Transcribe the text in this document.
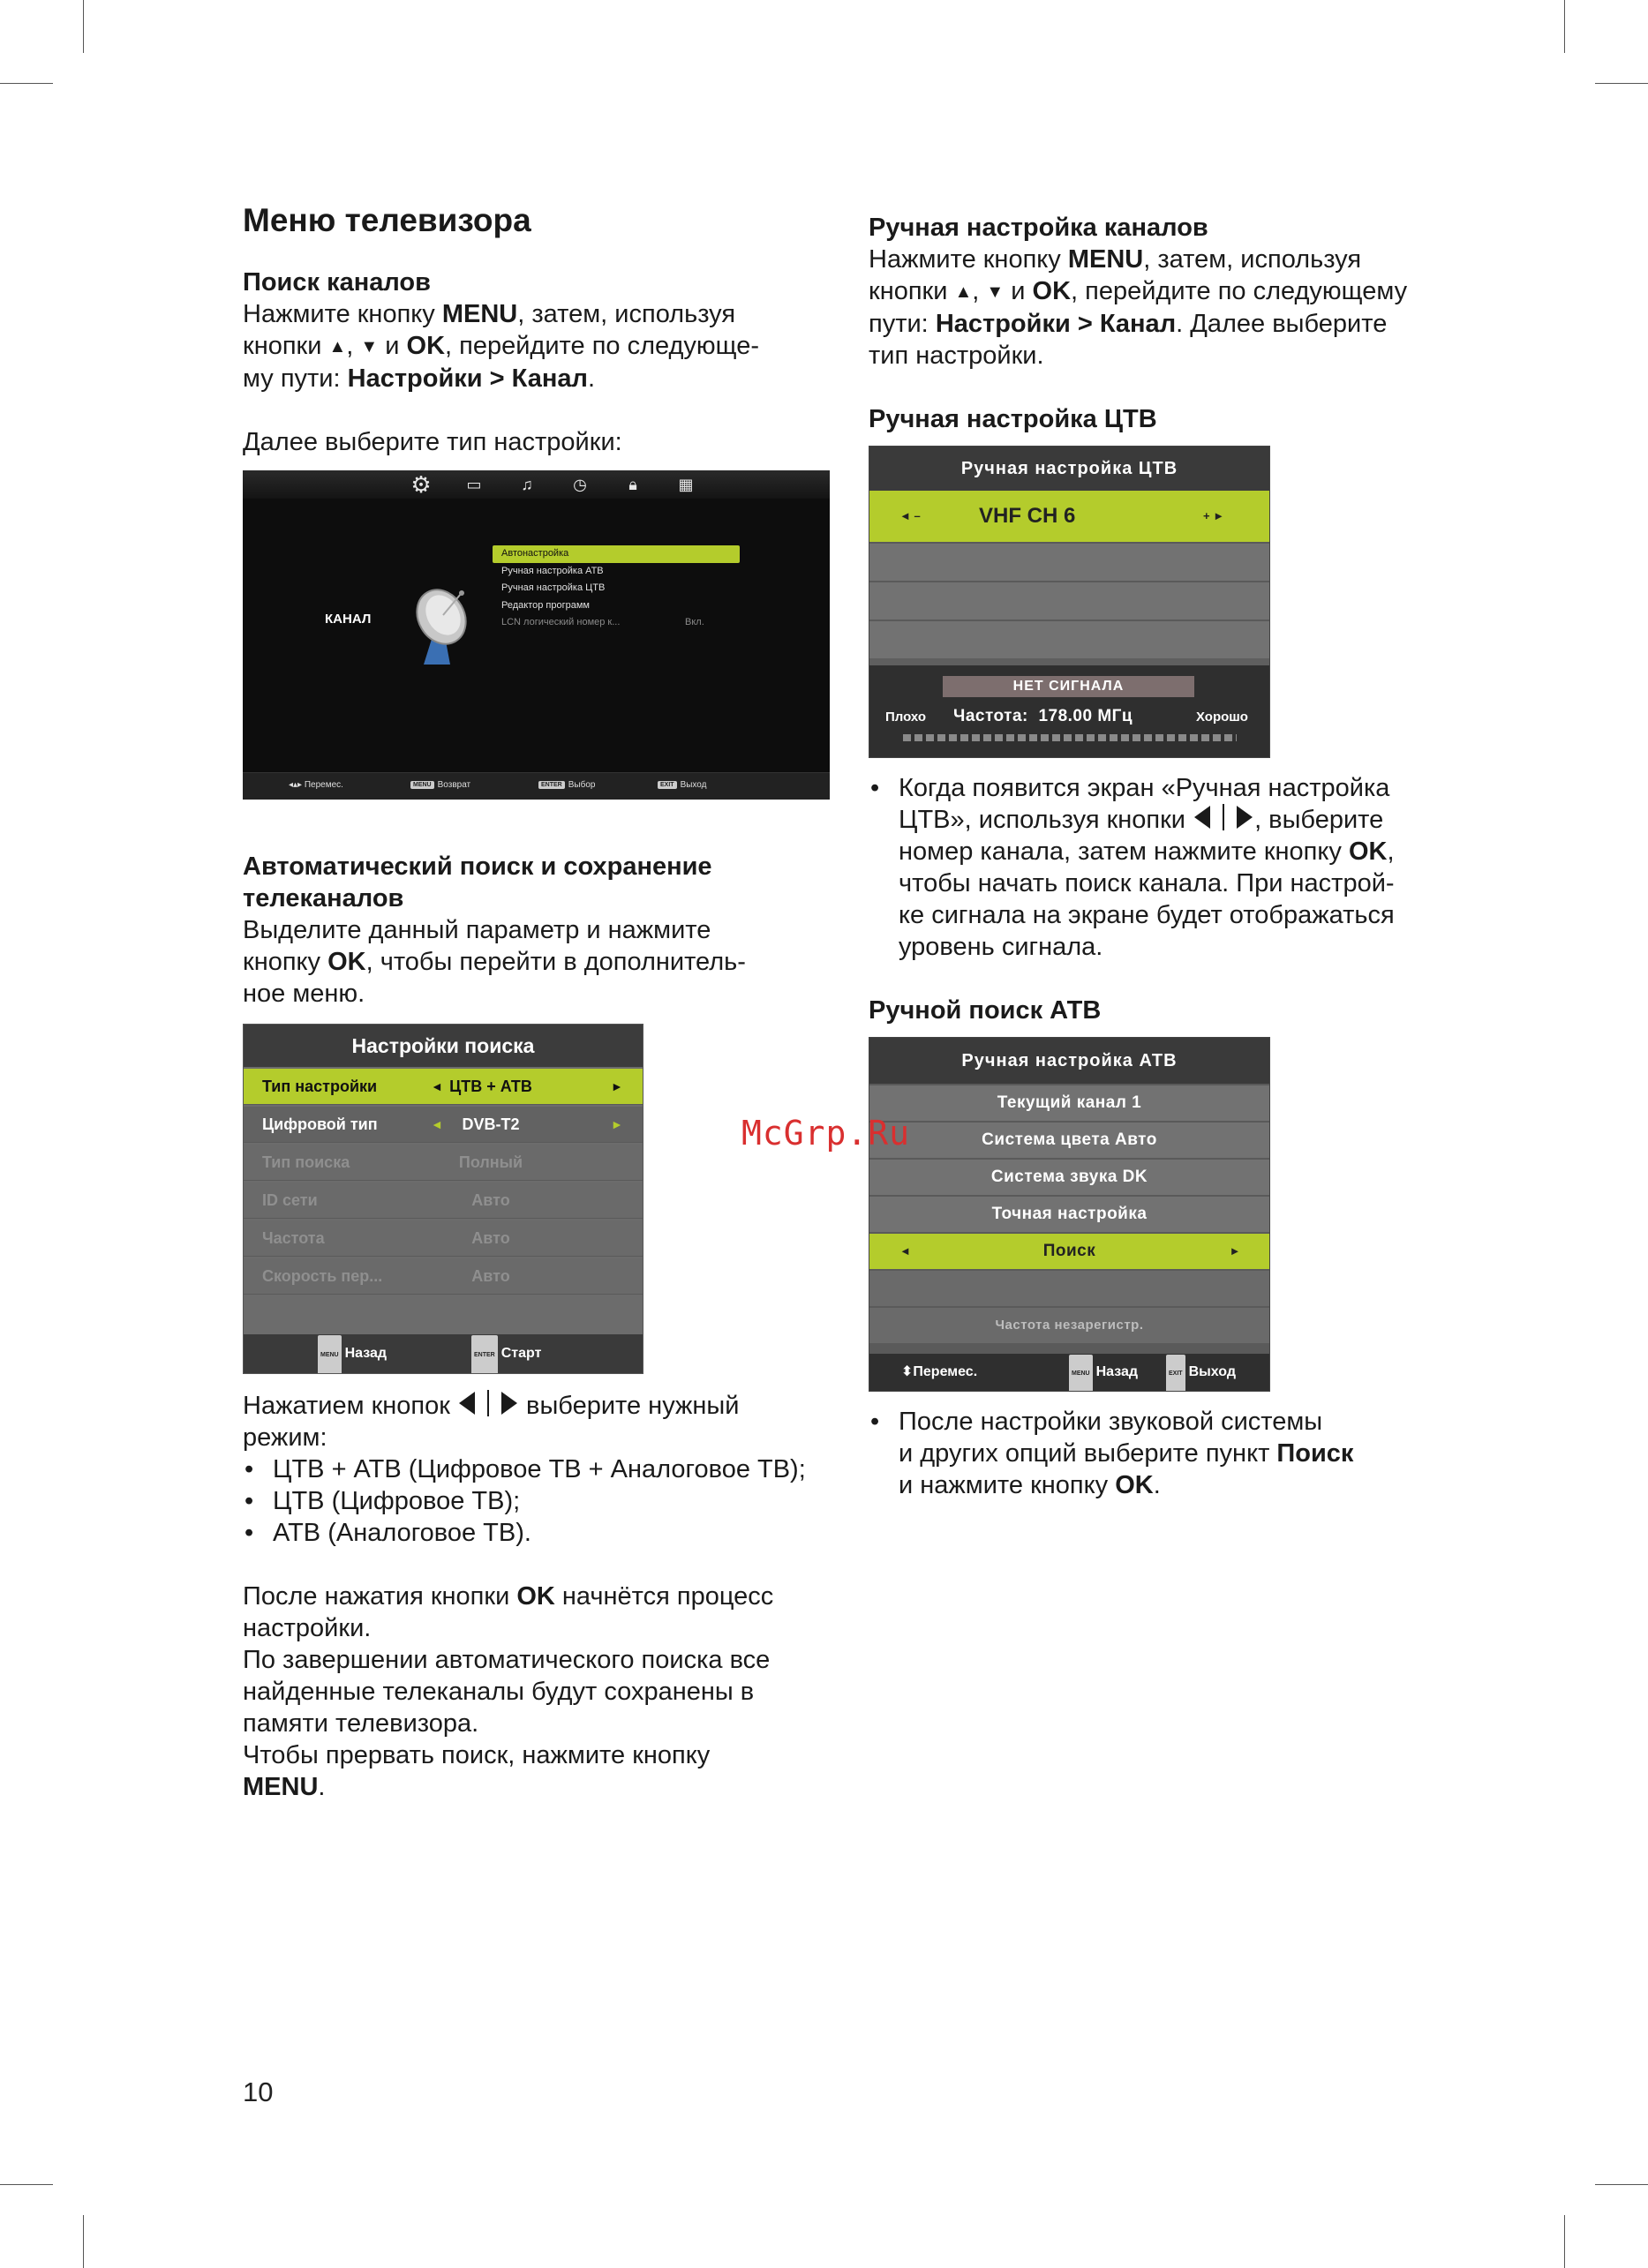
Меню телевизора
Поиск каналов

Нажмите кнопку MENU, затем, используя

кнопки ▲, ▼ и OK, перейдите по следующе-

му пути: Настройки > Канал.

Далее выберите тип настройки:

⚙	▭	♫	◷	🔒︎	▦
КАНАЛ
Автонастройка
Ручная настройка АТВ
Ручная настройка ЦТВ
Редактор программ
LCN логический номер к...	Вкл.
◂▴▸ Перемес.	MENU Возврат	ENTER Выбор	EXIT Выход
Автоматический поиск и сохранение
телеканалов

Выделите данный параметр и нажмите

кнопку OK, чтобы перейти в дополнитель-

ное меню.

Настройки поиска
Тип настройки	◄ ЦТВ + АТВ	►
Цифровой тип	◄	DVB-T2	►
Тип поиска	Полный
ID сети	Авто
Частота	Авто
Скорость пер...	Авто
MENU Назад	ENTER Старт

Нажатием кнопок  выберите нужный

режим:

• ЦТВ + АТВ (Цифровое ТВ + Аналоговое ТВ);
• ЦТВ (Цифровое ТВ);
• АТВ (Аналоговое ТВ).

После нажатия кнопки OK начнётся процесс

настройки.

По завершении автоматического поиска все

найденные телеканалы будут сохранены в

памяти телевизора.

Чтобы прервать поиск, нажмите кнопку

MENU.

Ручная настройка каналов

Нажмите кнопку MENU, затем, используя

кнопки ▲, ▼ и OK, перейдите по следующему

пути: Настройки > Канал. Далее выберите

тип настройки.

Ручная настройка ЦТВ
Ручная настройка ЦТВ
◄ –	VHF CH 6	+ ►
НЕТ СИГНАЛА
Плохо Частота: 178.00 МГц	Хорошо
• Когда появится экран «Ручная настройка
ЦТВ», используя кнопки , выберите
номер канала, затем нажмите кнопку OK,
чтобы начать поиск канала. При настрой-
ке сигнала на экране будет отображаться
уровень сигнала.
Ручной поиск АТВ
Ручная настройка АТВ
Текущий канал 1
Система цвета Авто
Система звука DK
Точная настройка
◄	Поиск	►
Частота незарегистр.
⬍Перемес.	MENU Назад	EXIT Выход
• После настройки звуковой системы
и других опций выберите пункт Поиск
и нажмите кнопку OK.
McGrp.Ru
10
